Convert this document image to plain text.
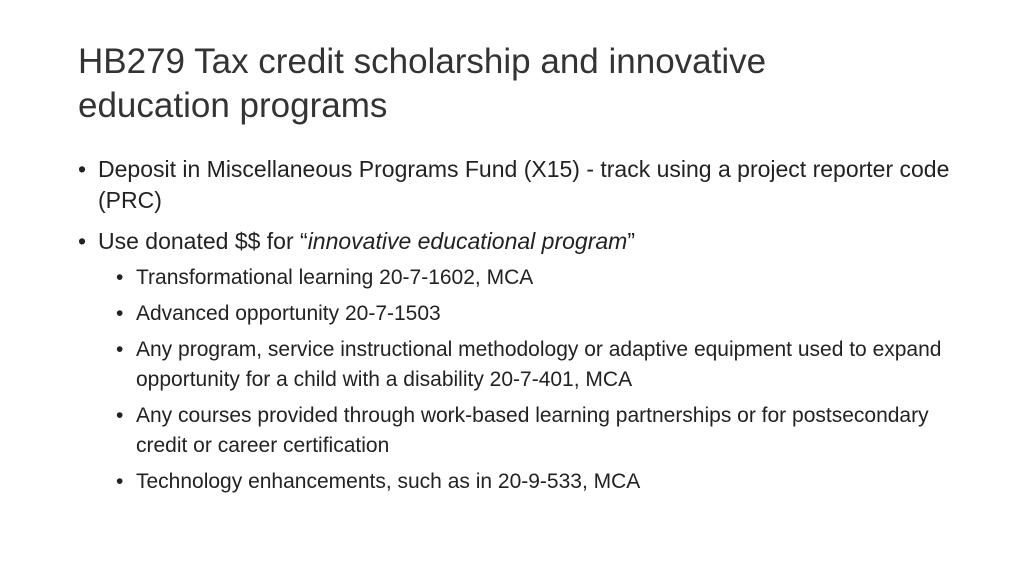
HB279 Tax credit scholarship and innovative
education programs
• Deposit in Miscellaneous Programs Fund (X15) - track using a project reporter code (PRC)
• Use donated $$ for “innovative educational program”
• Transformational learning 20-7-1602, MCA
• Advanced opportunity 20-7-1503
• Any program, service instructional methodology or adaptive equipment used to expand opportunity for a child with a disability 20-7-401, MCA
• Any courses provided through work-based learning partnerships or for postsecondary credit or career certification
• Technology enhancements, such as in 20-9-533, MCA
